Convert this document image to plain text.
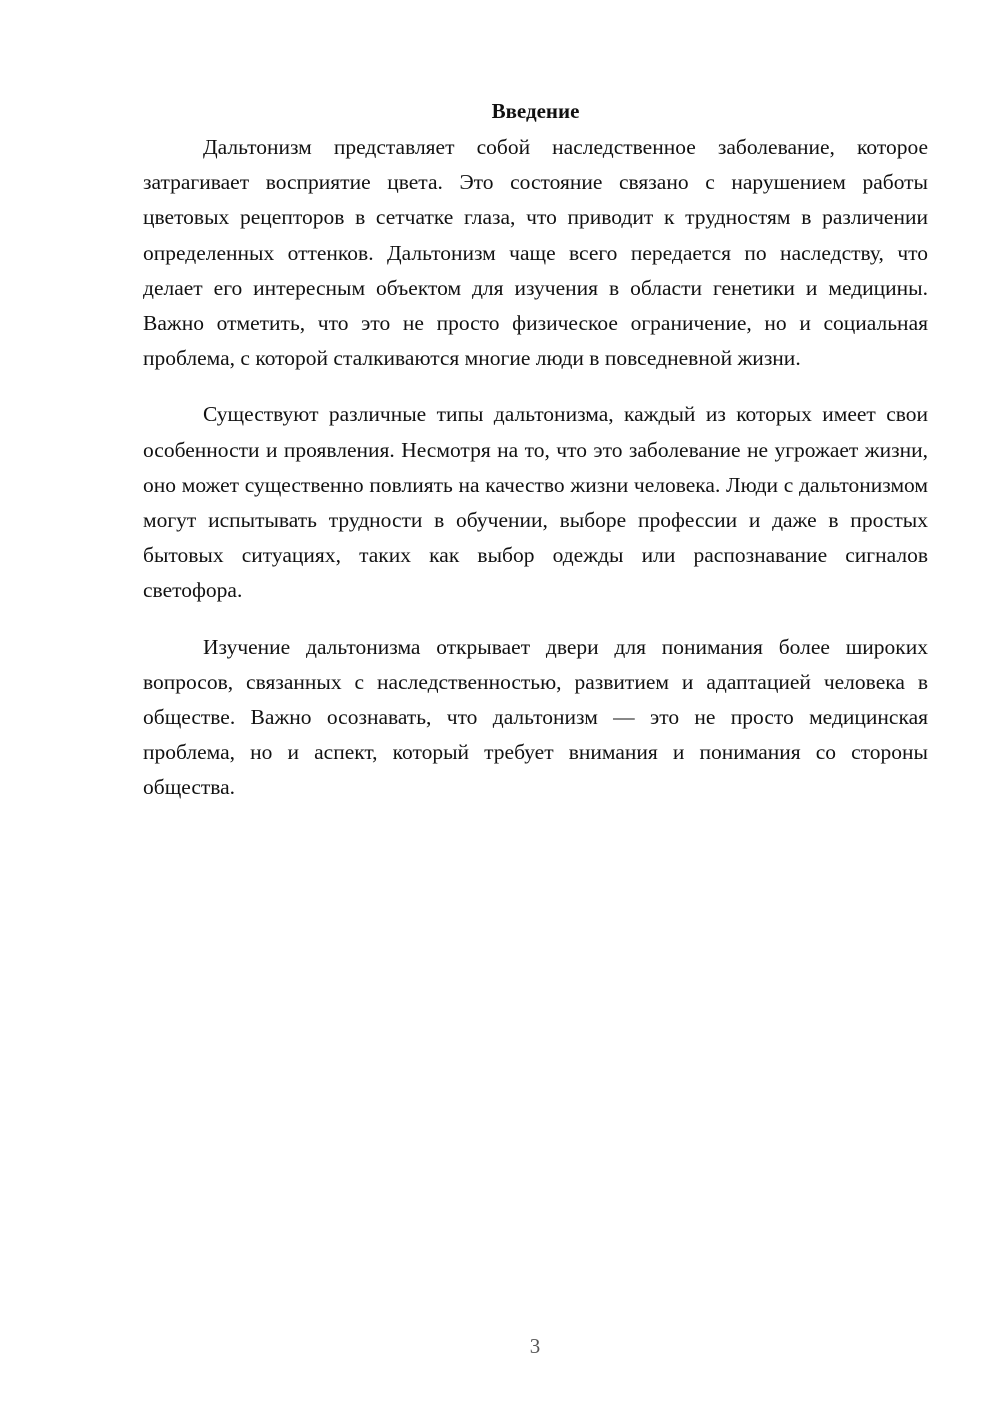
Введение

Дальтонизм представляет собой наследственное заболевание, которое затрагивает восприятие цвета. Это состояние связано с нарушением работы цветовых рецепторов в сетчатке глаза, что приводит к трудностям в различении определенных оттенков. Дальтонизм чаще всего передается по наследству, что делает его интересным объектом для изучения в области генетики и медицины. Важно отметить, что это не просто физическое ограничение, но и социальная проблема, с которой сталкиваются многие люди в повседневной жизни.

Существуют различные типы дальтонизма, каждый из которых имеет свои особенности и проявления. Несмотря на то, что это заболевание не угрожает жизни, оно может существенно повлиять на качество жизни человека. Люди с дальтонизмом могут испытывать трудности в обучении, выборе профессии и даже в простых бытовых ситуациях, таких как выбор одежды или распознавание сигналов светофора.

Изучение дальтонизма открывает двери для понимания более широких вопросов, связанных с наследственностью, развитием и адаптацией человека в обществе. Важно осознавать, что дальтонизм — это не просто медицинская проблема, но и аспект, который требует внимания и понимания со стороны общества.

3
